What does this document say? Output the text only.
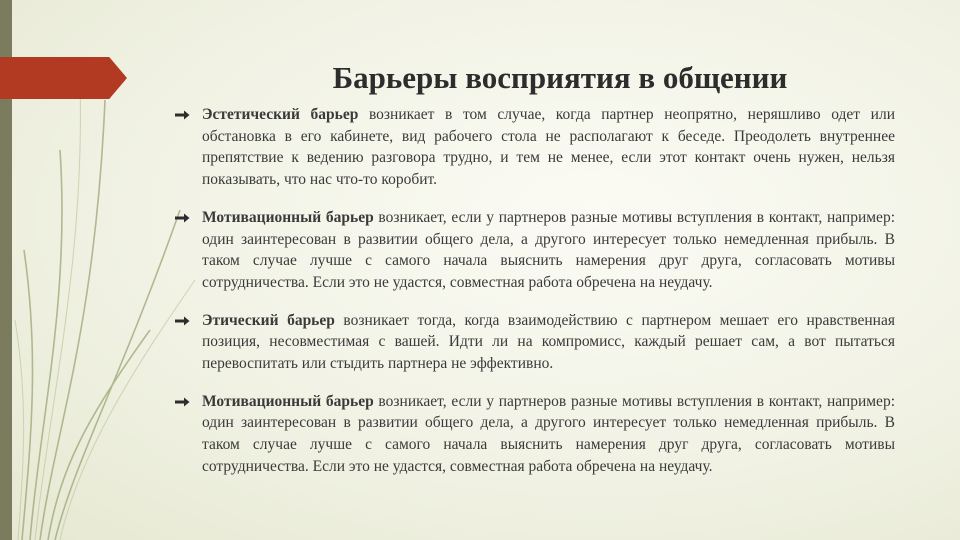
Барьеры восприятия в общении
Эстетический барьер возникает в том случае, когда партнер неопрятно, неряшливо одет или обстановка в его кабинете, вид рабочего стола не располагают к беседе. Преодолеть внутреннее препятствие к ведению разговора трудно, и тем не менее, если этот контакт очень нужен, нельзя показывать, что нас что-то коробит.
Мотивационный барьер возникает, если у партнеров разные мотивы вступления в контакт, например: один заинтересован в развитии общего дела, а другого интересует только немедленная прибыль. В таком случае лучше с самого начала выяснить намерения друг друга, согласовать мотивы сотрудничества. Если это не удастся, совместная работа обречена на неудачу.
Этический барьер возникает тогда, когда взаимодействию с партнером мешает его нравственная позиция, несовместимая с вашей. Идти ли на компромисс, каждый решает сам, а вот пытаться перевоспитать или стыдить партнера не эффективно.
Мотивационный барьер возникает, если у партнеров разные мотивы вступления в контакт, например: один заинтересован в развитии общего дела, а другого интересует только немедленная прибыль. В таком случае лучше с самого начала выяснить намерения друг друга, согласовать мотивы сотрудничества. Если это не удастся, совместная работа обречена на неудачу.
